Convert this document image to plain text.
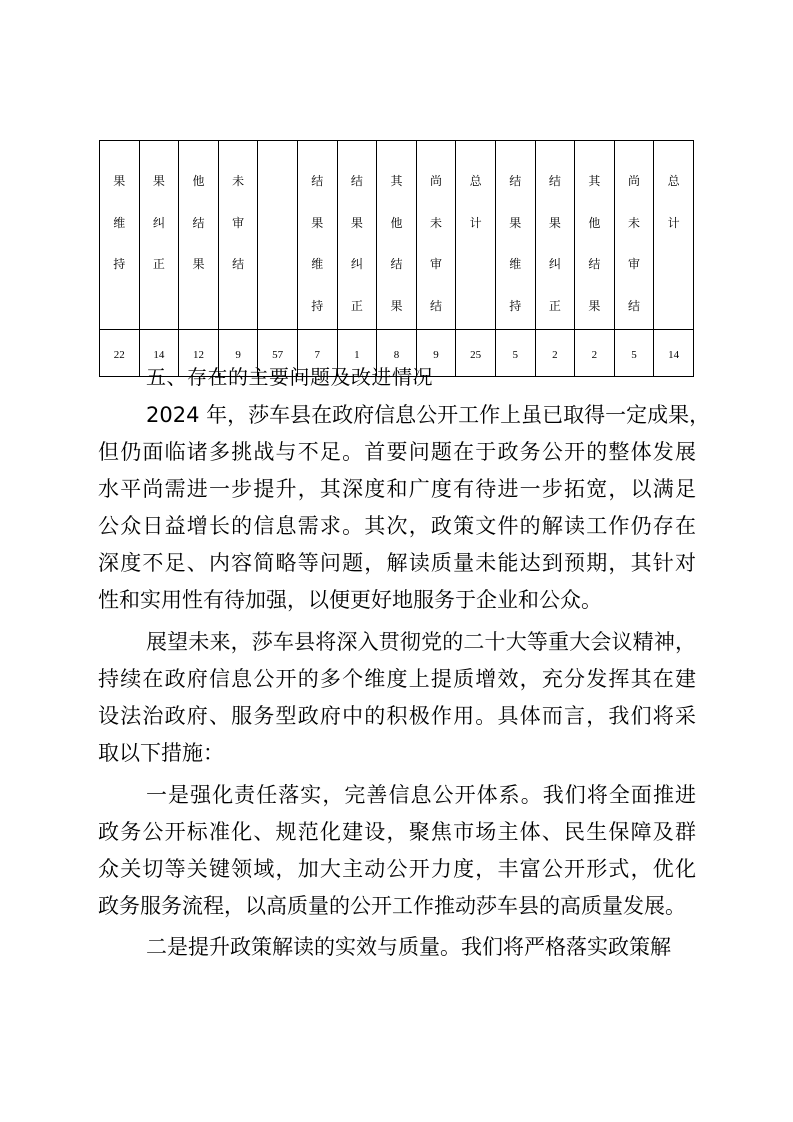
果
维
持	果
纠
正	他
结
果	未
审
结		结
果
维
持	结
果
纠
正	其
他
结
果	尚
未
审
结	总
计	结
果
维
持	结
果
纠
正	其
他
结
果	尚
未
审
结	总
计

22	14	12	9	57	7	1	8	9	25	5	2	2	5	14
五、存在的主要问题及改进情况
2024 年，莎车县在政府信息公开工作上虽已取得一定成果，
但仍面临诸多挑战与不足。首要问题在于政务公开的整体发展
水平尚需进一步提升，其深度和广度有待进一步拓宽，以满足
公众日益增长的信息需求。其次，政策文件的解读工作仍存在
深度不足、内容简略等问题，解读质量未能达到预期，其针对
性和实用性有待加强，以便更好地服务于企业和公众。
展望未来，莎车县将深入贯彻党的二十大等重大会议精神，
持续在政府信息公开的多个维度上提质增效，充分发挥其在建
设法治政府、服务型政府中的积极作用。具体而言，我们将采
取以下措施：
一是强化责任落实，完善信息公开体系。我们将全面推进
政务公开标准化、规范化建设，聚焦市场主体、民生保障及群
众关切等关键领域，加大主动公开力度，丰富公开形式，优化
政务服务流程，以高质量的公开工作推动莎车县的高质量发展。
二是提升政策解读的实效与质量。我们将严格落实政策解
